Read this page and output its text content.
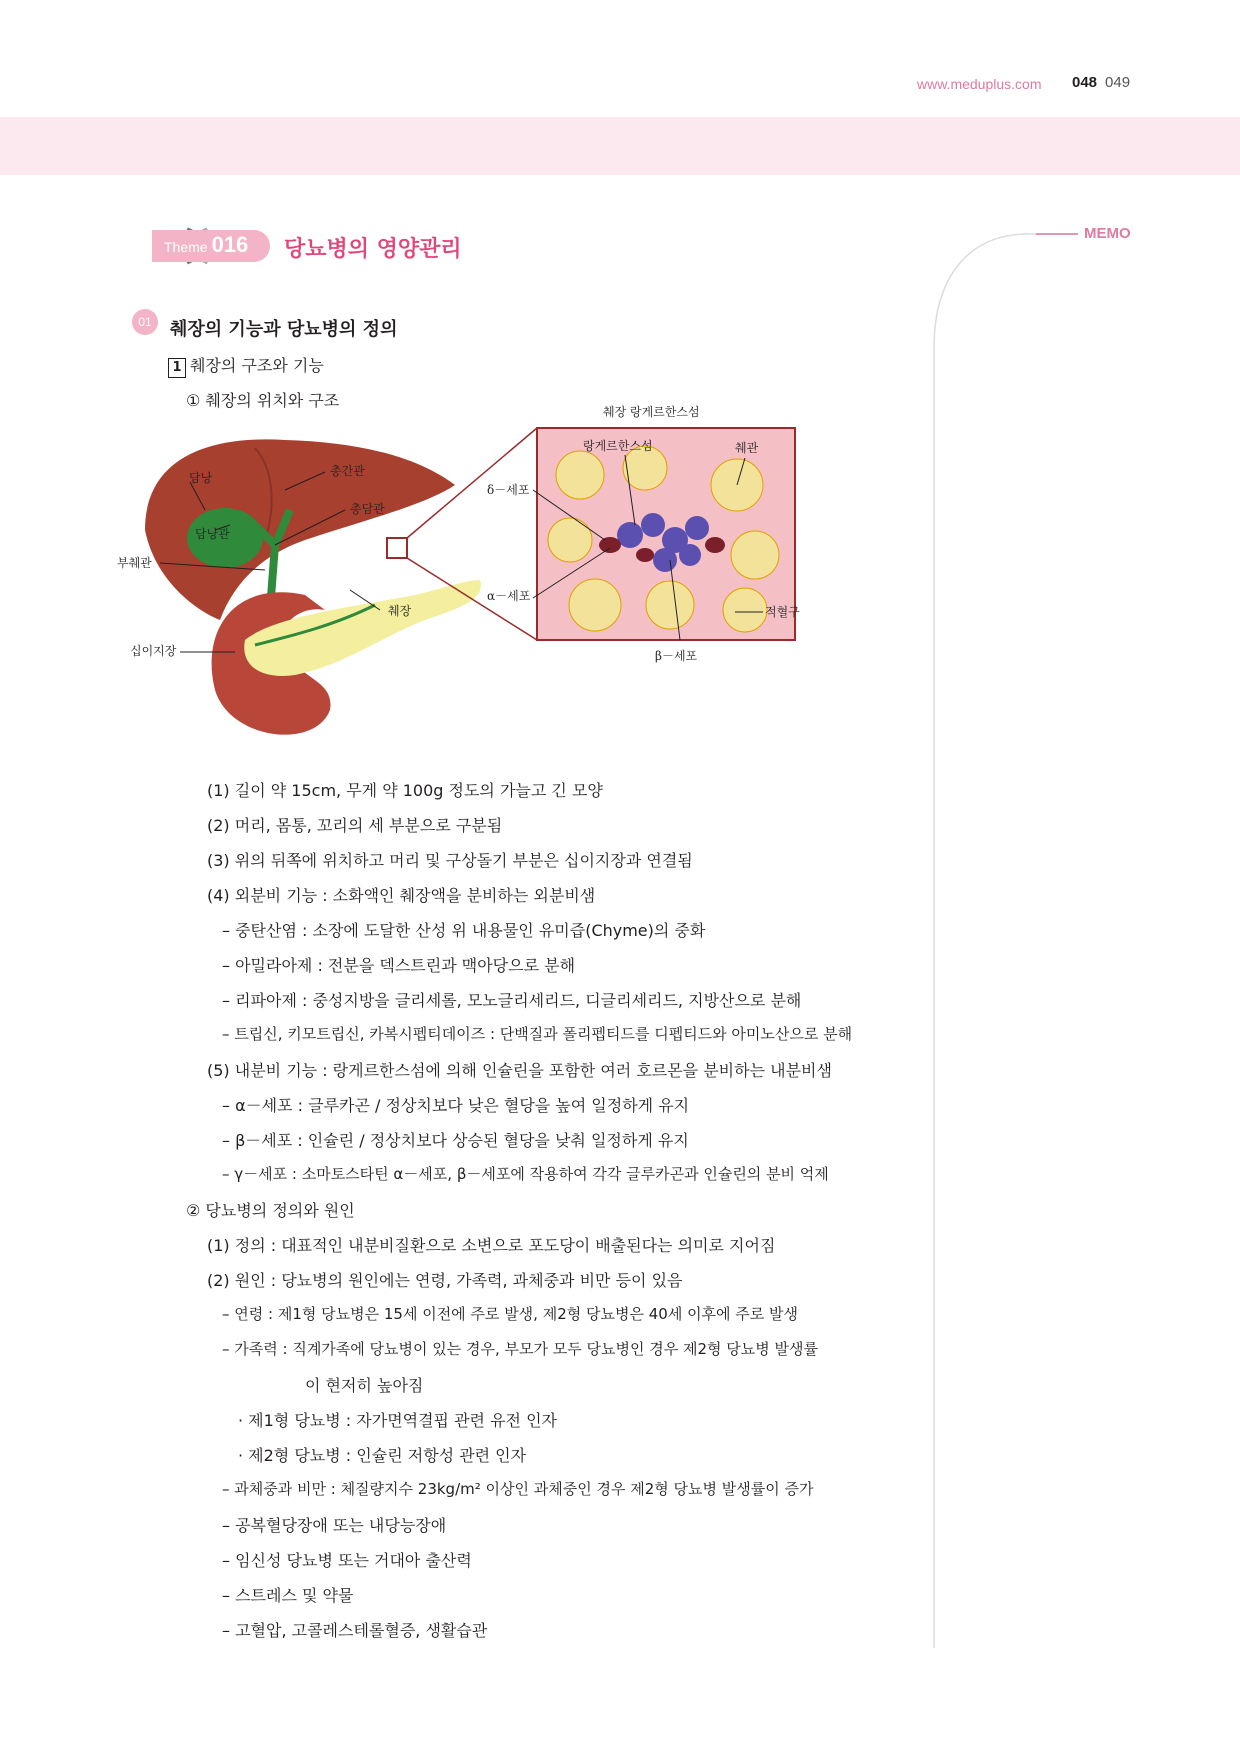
www.meduplus.com 048 049
MEMO
Theme 016 당뇨병의 영양관리
01	췌장의 기능과 당뇨병의 정의
1 췌장의 구조와 기능
① 췌장의 위치와 구조
담낭	총간관
총담관
담낭관
부췌관
췌장
십이지장
췌장 랑게르한스섬
랑게르한스섬	췌관
δ－세포
α－세포
β－세포
적혈구
(1) 길이 약 15cm, 무게 약 100g 정도의 가늘고 긴 모양
(2) 머리, 몸통, 꼬리의 세 부분으로 구분됨
(3) 위의 뒤쪽에 위치하고 머리 및 구상돌기 부분은 십이지장과 연결됨
(4) 외분비 기능 : 소화액인 췌장액을 분비하는 외분비샘
– 중탄산염 : 소장에 도달한 산성 위 내용물인 유미즙(Chyme)의 중화
– 아밀라아제 : 전분을 덱스트린과 맥아당으로 분해
– 리파아제 : 중성지방을 글리세롤, 모노글리세리드, 디글리세리드, 지방산으로 분해
– 트립신, 키모트립신, 카복시펩티데이즈 : 단백질과 폴리펩티드를 디펩티드와 아미노산으로 분해
(5) 내분비 기능 : 랑게르한스섬에 의해 인슐린을 포함한 여러 호르몬을 분비하는 내분비샘
– α－세포 : 글루카곤 / 정상치보다 낮은 혈당을 높여 일정하게 유지
– β－세포 : 인슐린 / 정상치보다 상승된 혈당을 낮춰 일정하게 유지
– γ－세포 : 소마토스타틴 α－세포, β－세포에 작용하여 각각 글루카곤과 인슐린의 분비 억제
② 당뇨병의 정의와 원인
(1) 정의 : 대표적인 내분비질환으로 소변으로 포도당이 배출된다는 의미로 지어짐
(2) 원인 : 당뇨병의 원인에는 연령, 가족력, 과체중과 비만 등이 있음
– 연령 : 제1형 당뇨병은 15세 이전에 주로 발생, 제2형 당뇨병은 40세 이후에 주로 발생
– 가족력 : 직계가족에 당뇨병이 있는 경우, 부모가 모두 당뇨병인 경우 제2형 당뇨병 발생률
이 현저히 높아짐
· 제1형 당뇨병 : 자가면역결핍 관련 유전 인자
· 제2형 당뇨병 : 인슐린 저항성 관련 인자
– 과체중과 비만 : 체질량지수 23kg/m² 이상인 과체중인 경우 제2형 당뇨병 발생률이 증가
– 공복혈당장애 또는 내당능장애
– 임신성 당뇨병 또는 거대아 출산력
– 스트레스 및 약물
– 고혈압, 고콜레스테롤혈증, 생활습관
